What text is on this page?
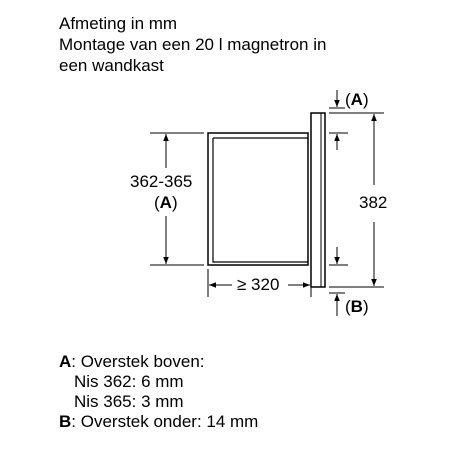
Afmeting in mm
Montage van een 20 l magnetron in
een wandkast
362-365
(A)
≥ 320
382
(A)
(B)
A: Overstek boven:
Nis 362: 6 mm
Nis 365: 3 mm
B: Overstek onder: 14 mm
